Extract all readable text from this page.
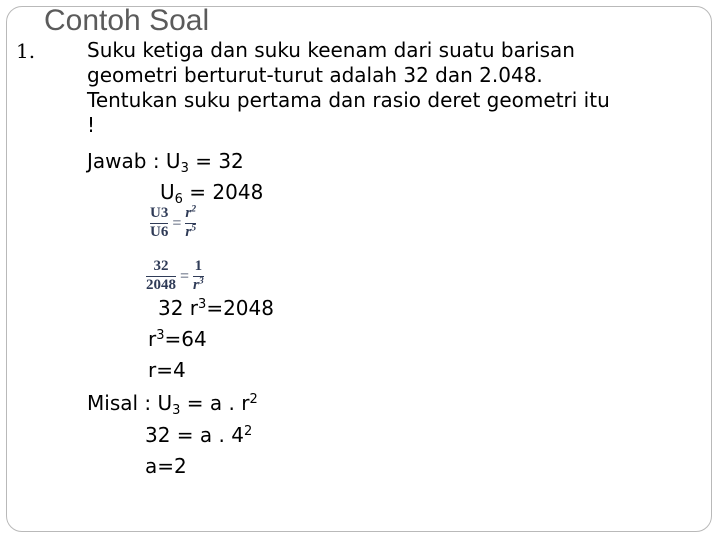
Contoh Soal
1.	Suku ketiga dan suku keenam dari suatu barisan
geometri berturut-turut adalah 32 dan 2.048.
Tentukan suku pertama dan rasio deret geometri itu
!
Jawab : $U_3 = 32$
$U_6 = 2048$
$\frac{U3}{U6} = \frac{r^2}{r^5}$
$\frac{32}{2048} = \frac{1}{r^3}$
32 $r^3=2048$
$r^3=64$
r=4
Misal : $U_3 = a$ . $r^2$
32 = a . $4^2$
a=2
